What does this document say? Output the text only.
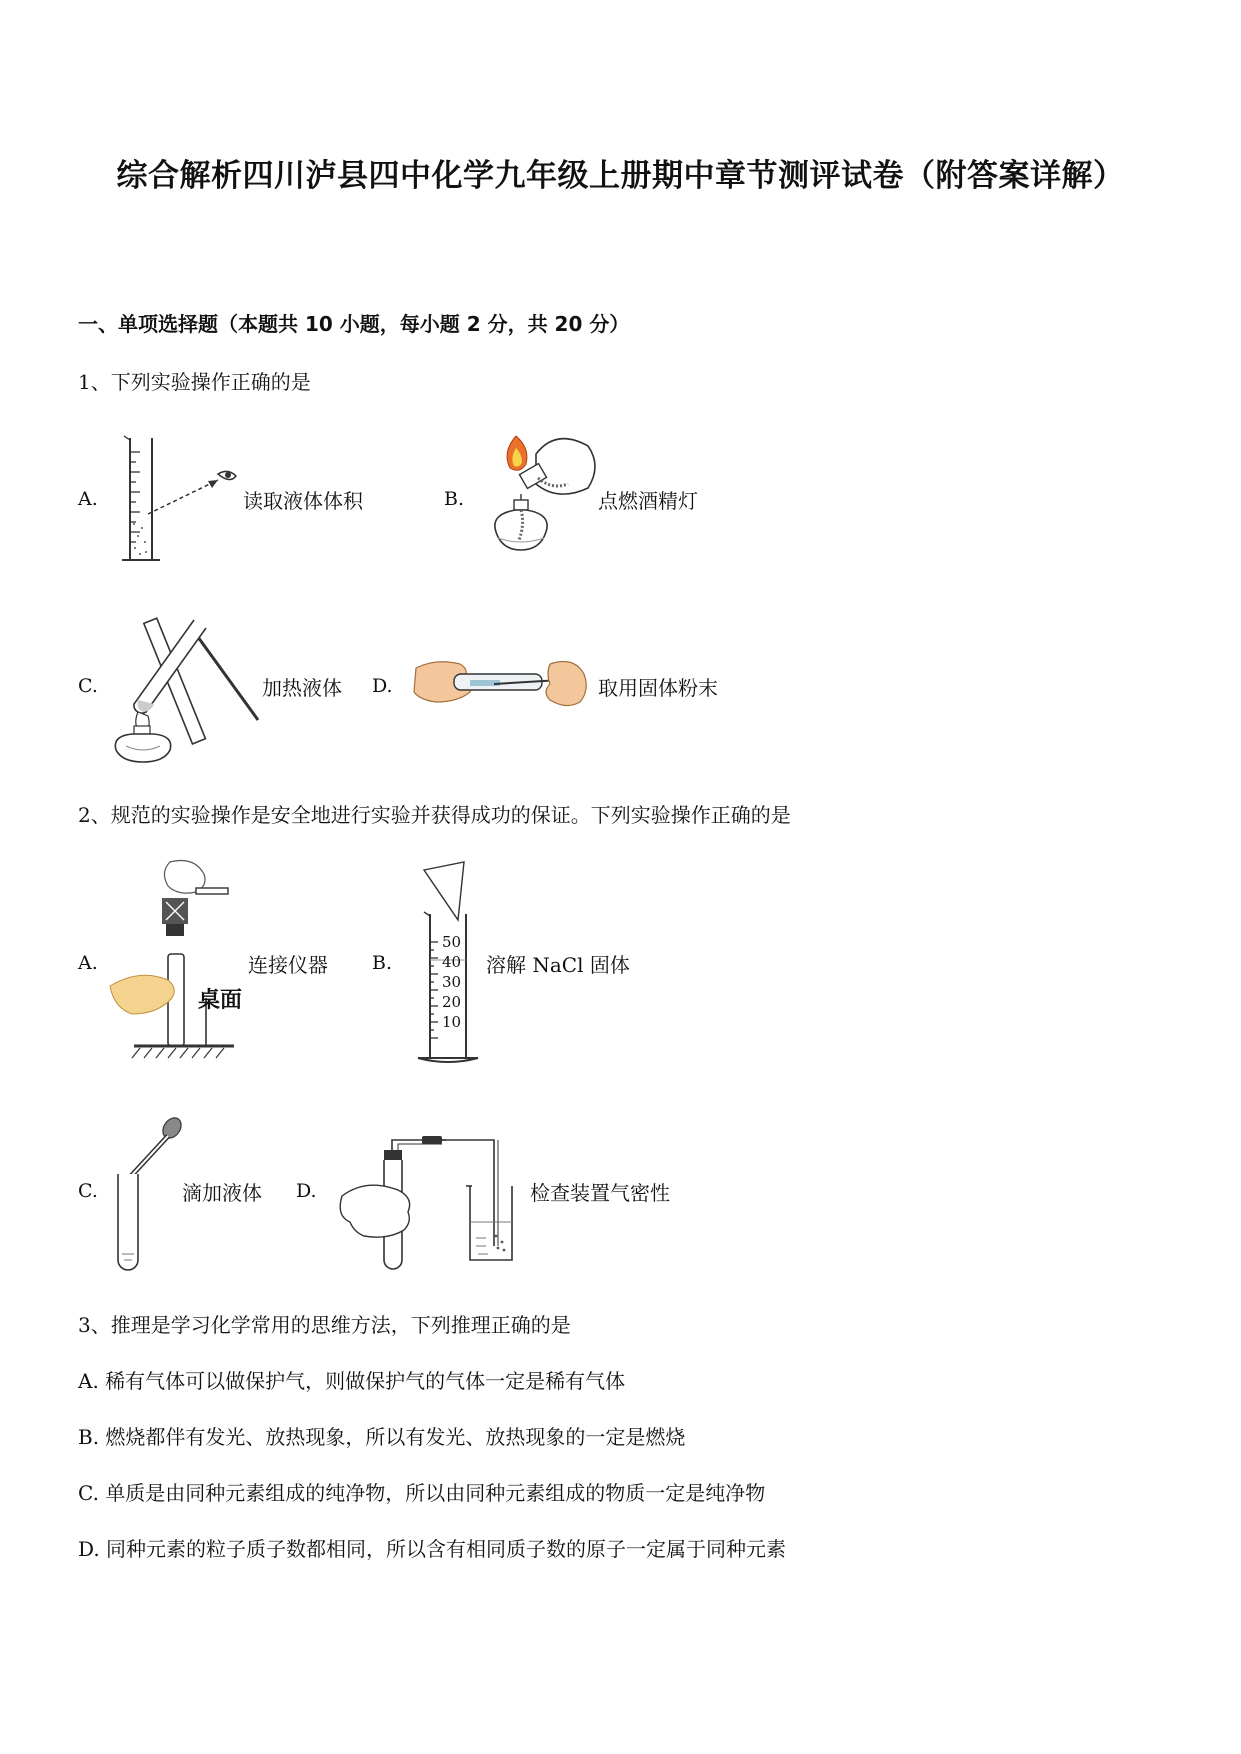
综合解析四川泸县四中化学九年级上册期中章节测评试卷（附答案详解）
一、单项选择题（本题共 10 小题，每小题 2 分，共 20 分）
1、下列实验操作正确的是
A.	读取液体体积	B.	点燃酒精灯
C.	加热液体 D.	取用固体粉末
2、规范的实验操作是安全地进行实验并获得成功的保证。下列实验操作正确的是
A.
桌面
连接仪器 B.
50
40
30
20
10
溶解 NaCl 固体
C.	滴加液体 D.	检查装置气密性
3、推理是学习化学常用的思维方法，下列推理正确的是
A. 稀有气体可以做保护气，则做保护气的气体一定是稀有气体
B. 燃烧都伴有发光、放热现象，所以有发光、放热现象的一定是燃烧
C. 单质是由同种元素组成的纯净物，所以由同种元素组成的物质一定是纯净物
D. 同种元素的粒子质子数都相同，所以含有相同质子数的原子一定属于同种元素
